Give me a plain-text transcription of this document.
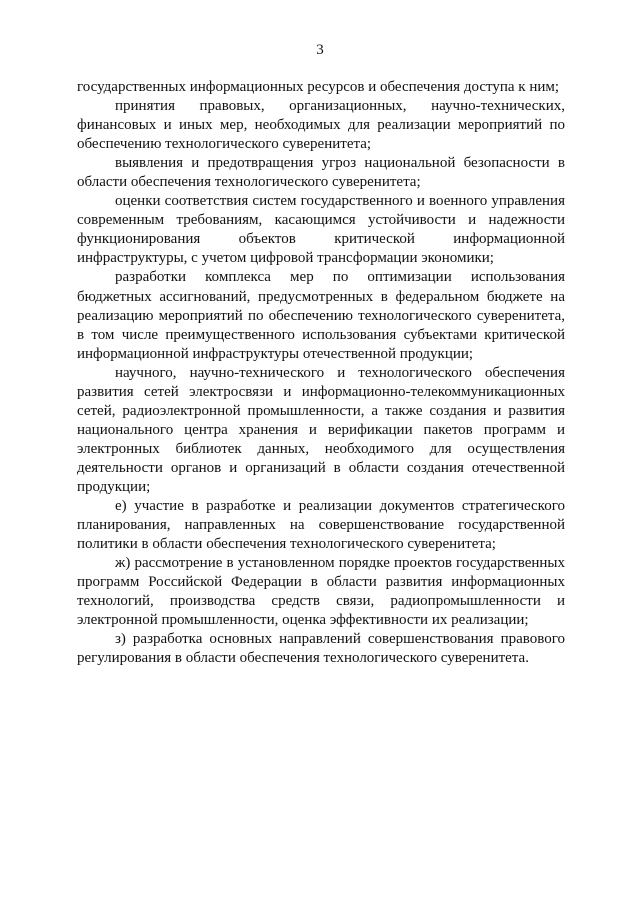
3

государственных информационных ресурсов и обеспечения доступа к ним;

принятия правовых, организационных, научно-технических, финансовых и иных мер, необходимых для реализации мероприятий по обеспечению технологического суверенитета;

выявления и предотвращения угроз национальной безопасности в области обеспечения технологического суверенитета;

оценки соответствия систем государственного и военного управления современным требованиям, касающимся устойчивости и надежности функционирования объектов критической информационной инфраструктуры, с учетом цифровой трансформации экономики;

разработки комплекса мер по оптимизации использования бюджетных ассигнований, предусмотренных в федеральном бюджете на реализацию мероприятий по обеспечению технологического суверенитета, в том числе преимущественного использования субъектами критической информационной инфраструктуры отечественной продукции;

научного, научно-технического и технологического обеспечения развития сетей электросвязи и информационно-телекоммуникационных сетей, радиоэлектронной промышленности, а также создания и развития национального центра хранения и верификации пакетов программ и электронных библиотек данных, необходимого для осуществления деятельности органов и организаций в области создания отечественной продукции;

е) участие в разработке и реализации документов стратегического планирования, направленных на совершенствование государственной политики в области обеспечения технологического суверенитета;

ж) рассмотрение в установленном порядке проектов государственных программ Российской Федерации в области развития информационных технологий, производства средств связи, радиопромышленности и электронной промышленности, оценка эффективности их реализации;

з) разработка основных направлений совершенствования правового регулирования в области обеспечения технологического суверенитета.
